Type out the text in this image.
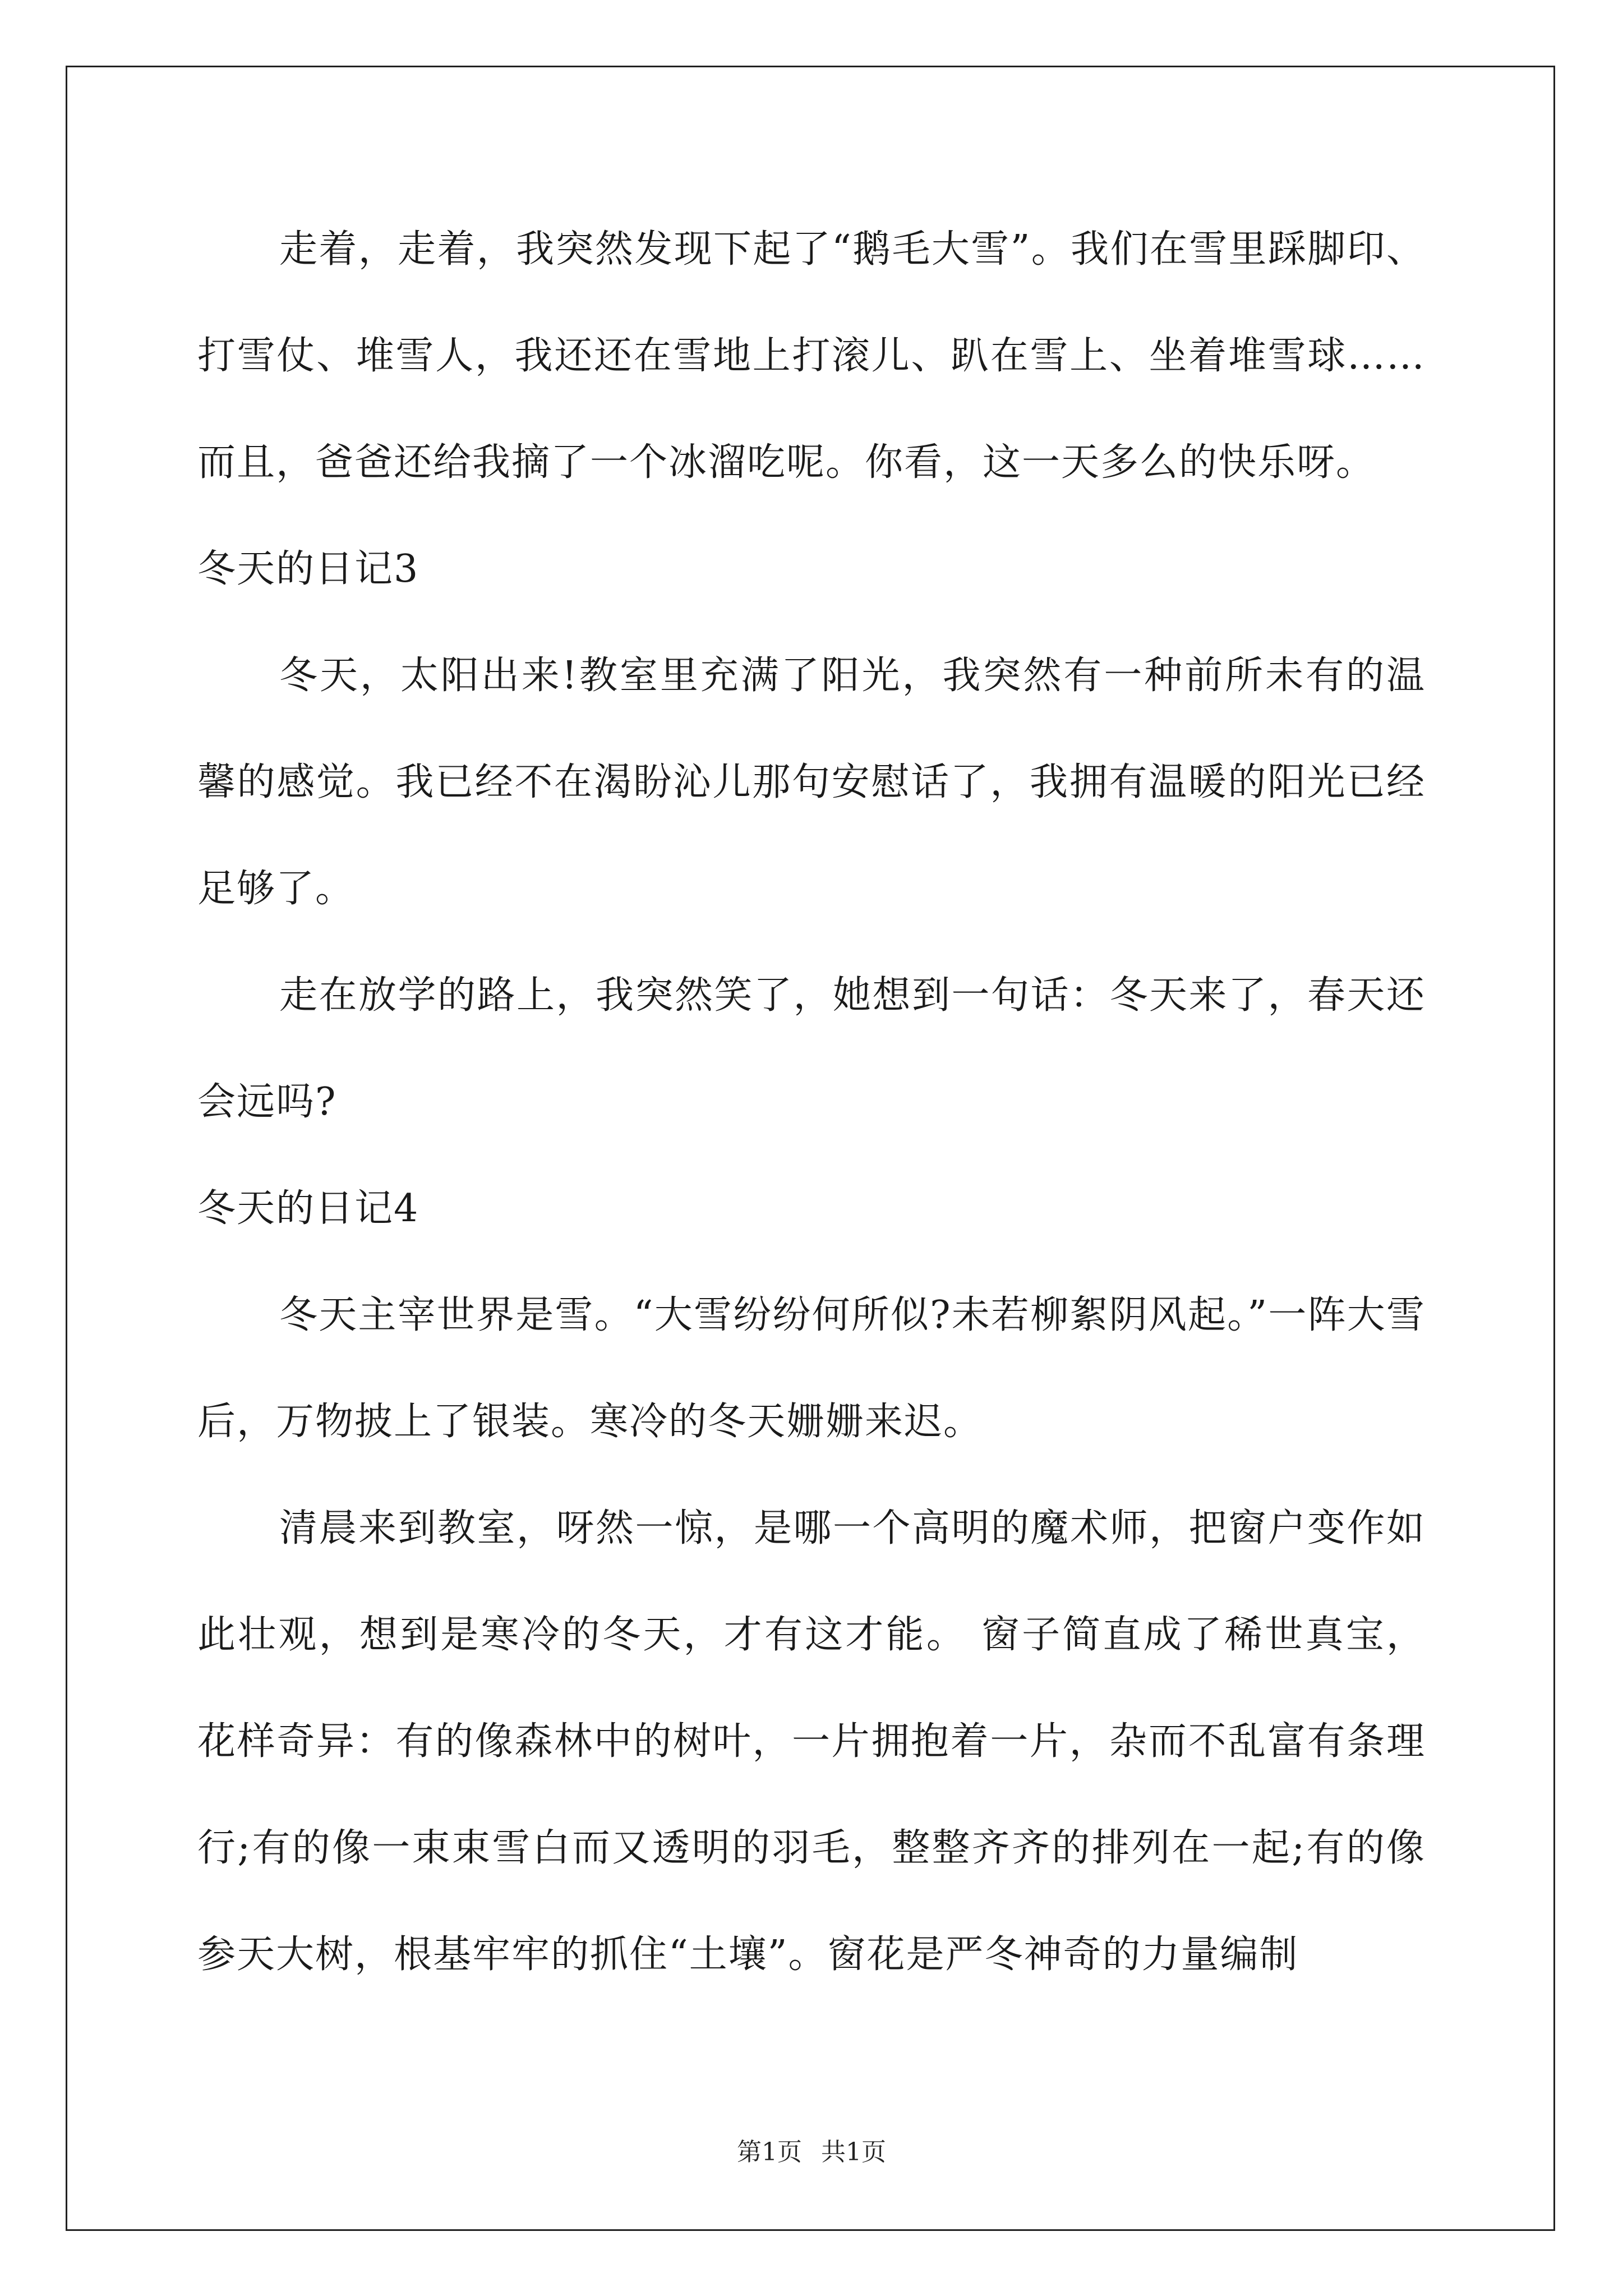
走着，走着，我突然发现下起了“鹅毛大雪”。我们在雪里踩脚印、打雪仗、堆雪人，我还还在雪地上打滚儿、趴在雪上、坐着堆雪球……而且，爸爸还给我摘了一个冰溜吃呢。你看，这一天多么的快乐呀。

冬天的日记3

冬天，太阳出来!教室里充满了阳光，我突然有一种前所未有的温馨的感觉。我已经不在渴盼沁儿那句安慰话了，我拥有温暖的阳光已经足够了。

走在放学的路上，我突然笑了，她想到一句话：冬天来了，春天还会远吗?

冬天的日记4

冬天主宰世界是雪。“大雪纷纷何所似?未若柳絮阴风起。”一阵大雪后，万物披上了银装。寒冷的冬天姗姗来迟。

清晨来到教室，呀然一惊，是哪一个高明的魔术师，把窗户变作如此壮观，想到是寒冷的冬天，才有这才能。 窗子简直成了稀世真宝，花样奇异：有的像森林中的树叶，一片拥抱着一片，杂而不乱富有条理行;有的像一束束雪白而又透明的羽毛，整整齐齐的排列在一起;有的像参天大树，根基牢牢的抓住“土壤”。窗花是严冬神奇的力量编制

第1页 共1页
